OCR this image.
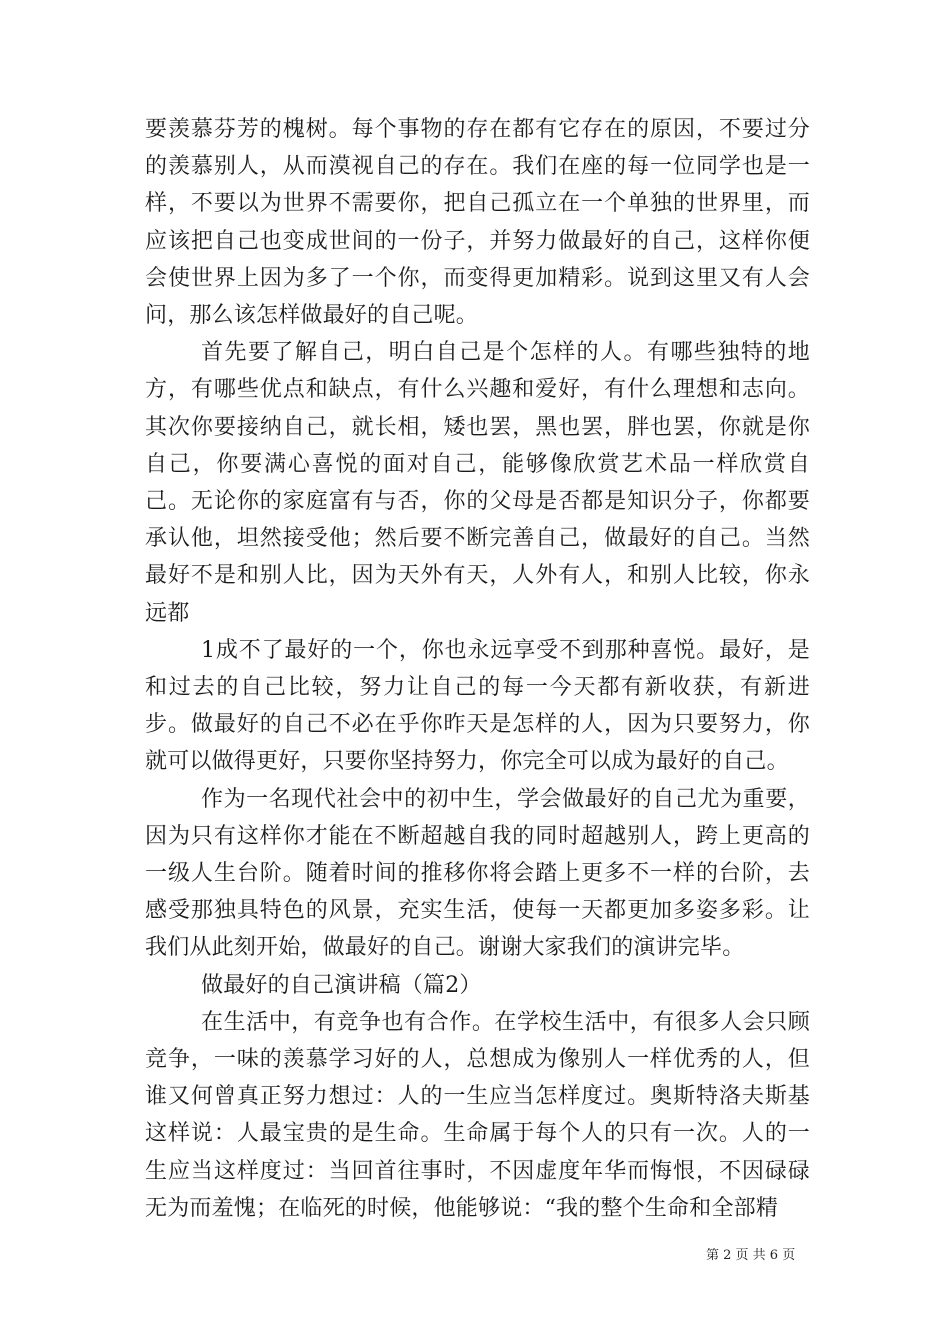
要羡慕芬芳的槐树。每个事物的存在都有它存在的原因，不要过分的羡慕别人，从而漠视自己的存在。我们在座的每一位同学也是一样，不要以为世界不需要你，把自己孤立在一个单独的世界里，而应该把自己也变成世间的一份子，并努力做最好的自己，这样你便会使世界上因为多了一个你，而变得更加精彩。说到这里又有人会问，那么该怎样做最好的自己呢。

首先要了解自己，明白自己是个怎样的人。有哪些独特的地方，有哪些优点和缺点，有什么兴趣和爱好，有什么理想和志向。其次你要接纳自己，就长相，矮也罢，黑也罢，胖也罢，你就是你自己，你要满心喜悦的面对自己，能够像欣赏艺术品一样欣赏自己。无论你的家庭富有与否，你的父母是否都是知识分子，你都要承认他，坦然接受他；然后要不断完善自己，做最好的自己。当然最好不是和别人比，因为天外有天，人外有人，和别人比较，你永远都

1成不了最好的一个，你也永远享受不到那种喜悦。最好，是和过去的自己比较，努力让自己的每一今天都有新收获，有新进步。做最好的自己不必在乎你昨天是怎样的人，因为只要努力，你就可以做得更好，只要你坚持努力，你完全可以成为最好的自己。

作为一名现代社会中的初中生，学会做最好的自己尤为重要，因为只有这样你才能在不断超越自我的同时超越别人，跨上更高的一级人生台阶。随着时间的推移你将会踏上更多不一样的台阶，去感受那独具特色的风景，充实生活，使每一天都更加多姿多彩。让我们从此刻开始，做最好的自己。谢谢大家我们的演讲完毕。

做最好的自己演讲稿（篇2）

在生活中，有竞争也有合作。在学校生活中，有很多人会只顾竞争，一味的羡慕学习好的人，总想成为像别人一样优秀的人，但谁又何曾真正努力想过：人的一生应当怎样度过。奥斯特洛夫斯基这样说：人最宝贵的是生命。生命属于每个人的只有一次。人的一生应当这样度过：当回首往事时，不因虚度年华而悔恨，不因碌碌无为而羞愧；在临死的时候，他能够说：“我的整个生命和全部精

第 2 页 共 6 页
